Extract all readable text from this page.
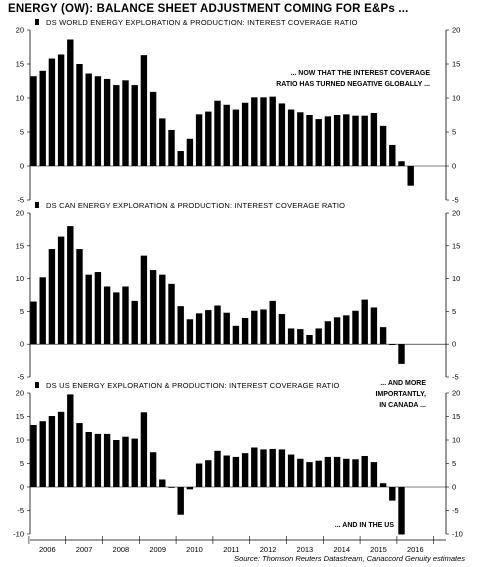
ENERGY (OW): BALANCE SHEET ADJUSTMENT COMING FOR E&Ps ...
-5	-5
0	0
5	5
10	10
15	15
20	20
DS WORLD ENERGY EXPLORATION & PRODUCTION: INTEREST COVERAGE RATIO
... NOW THAT THE INTEREST COVERAGE
RATIO HAS TURNED NEGATIVE GLOBALLY ...
-5	-5
0	0
5	5
10	10
15	15
20	20
DS CAN ENERGY EXPLORATION & PRODUCTION: INTEREST COVERAGE RATIO
-10	-10
-5	-5
0	0
5	5
10	10
15	15
20	20
DS US ENERGY EXPLORATION & PRODUCTION: INTEREST COVERAGE RATIO	... AND MORE
IMPORTANTLY,
IN CANADA ...
... AND IN THE US
2006	2007	2008	2009	2010	2011	2012	2013	2014	2015	2016
Source: Thomson Reuters Datastream, Canaccord Genuity estimates
